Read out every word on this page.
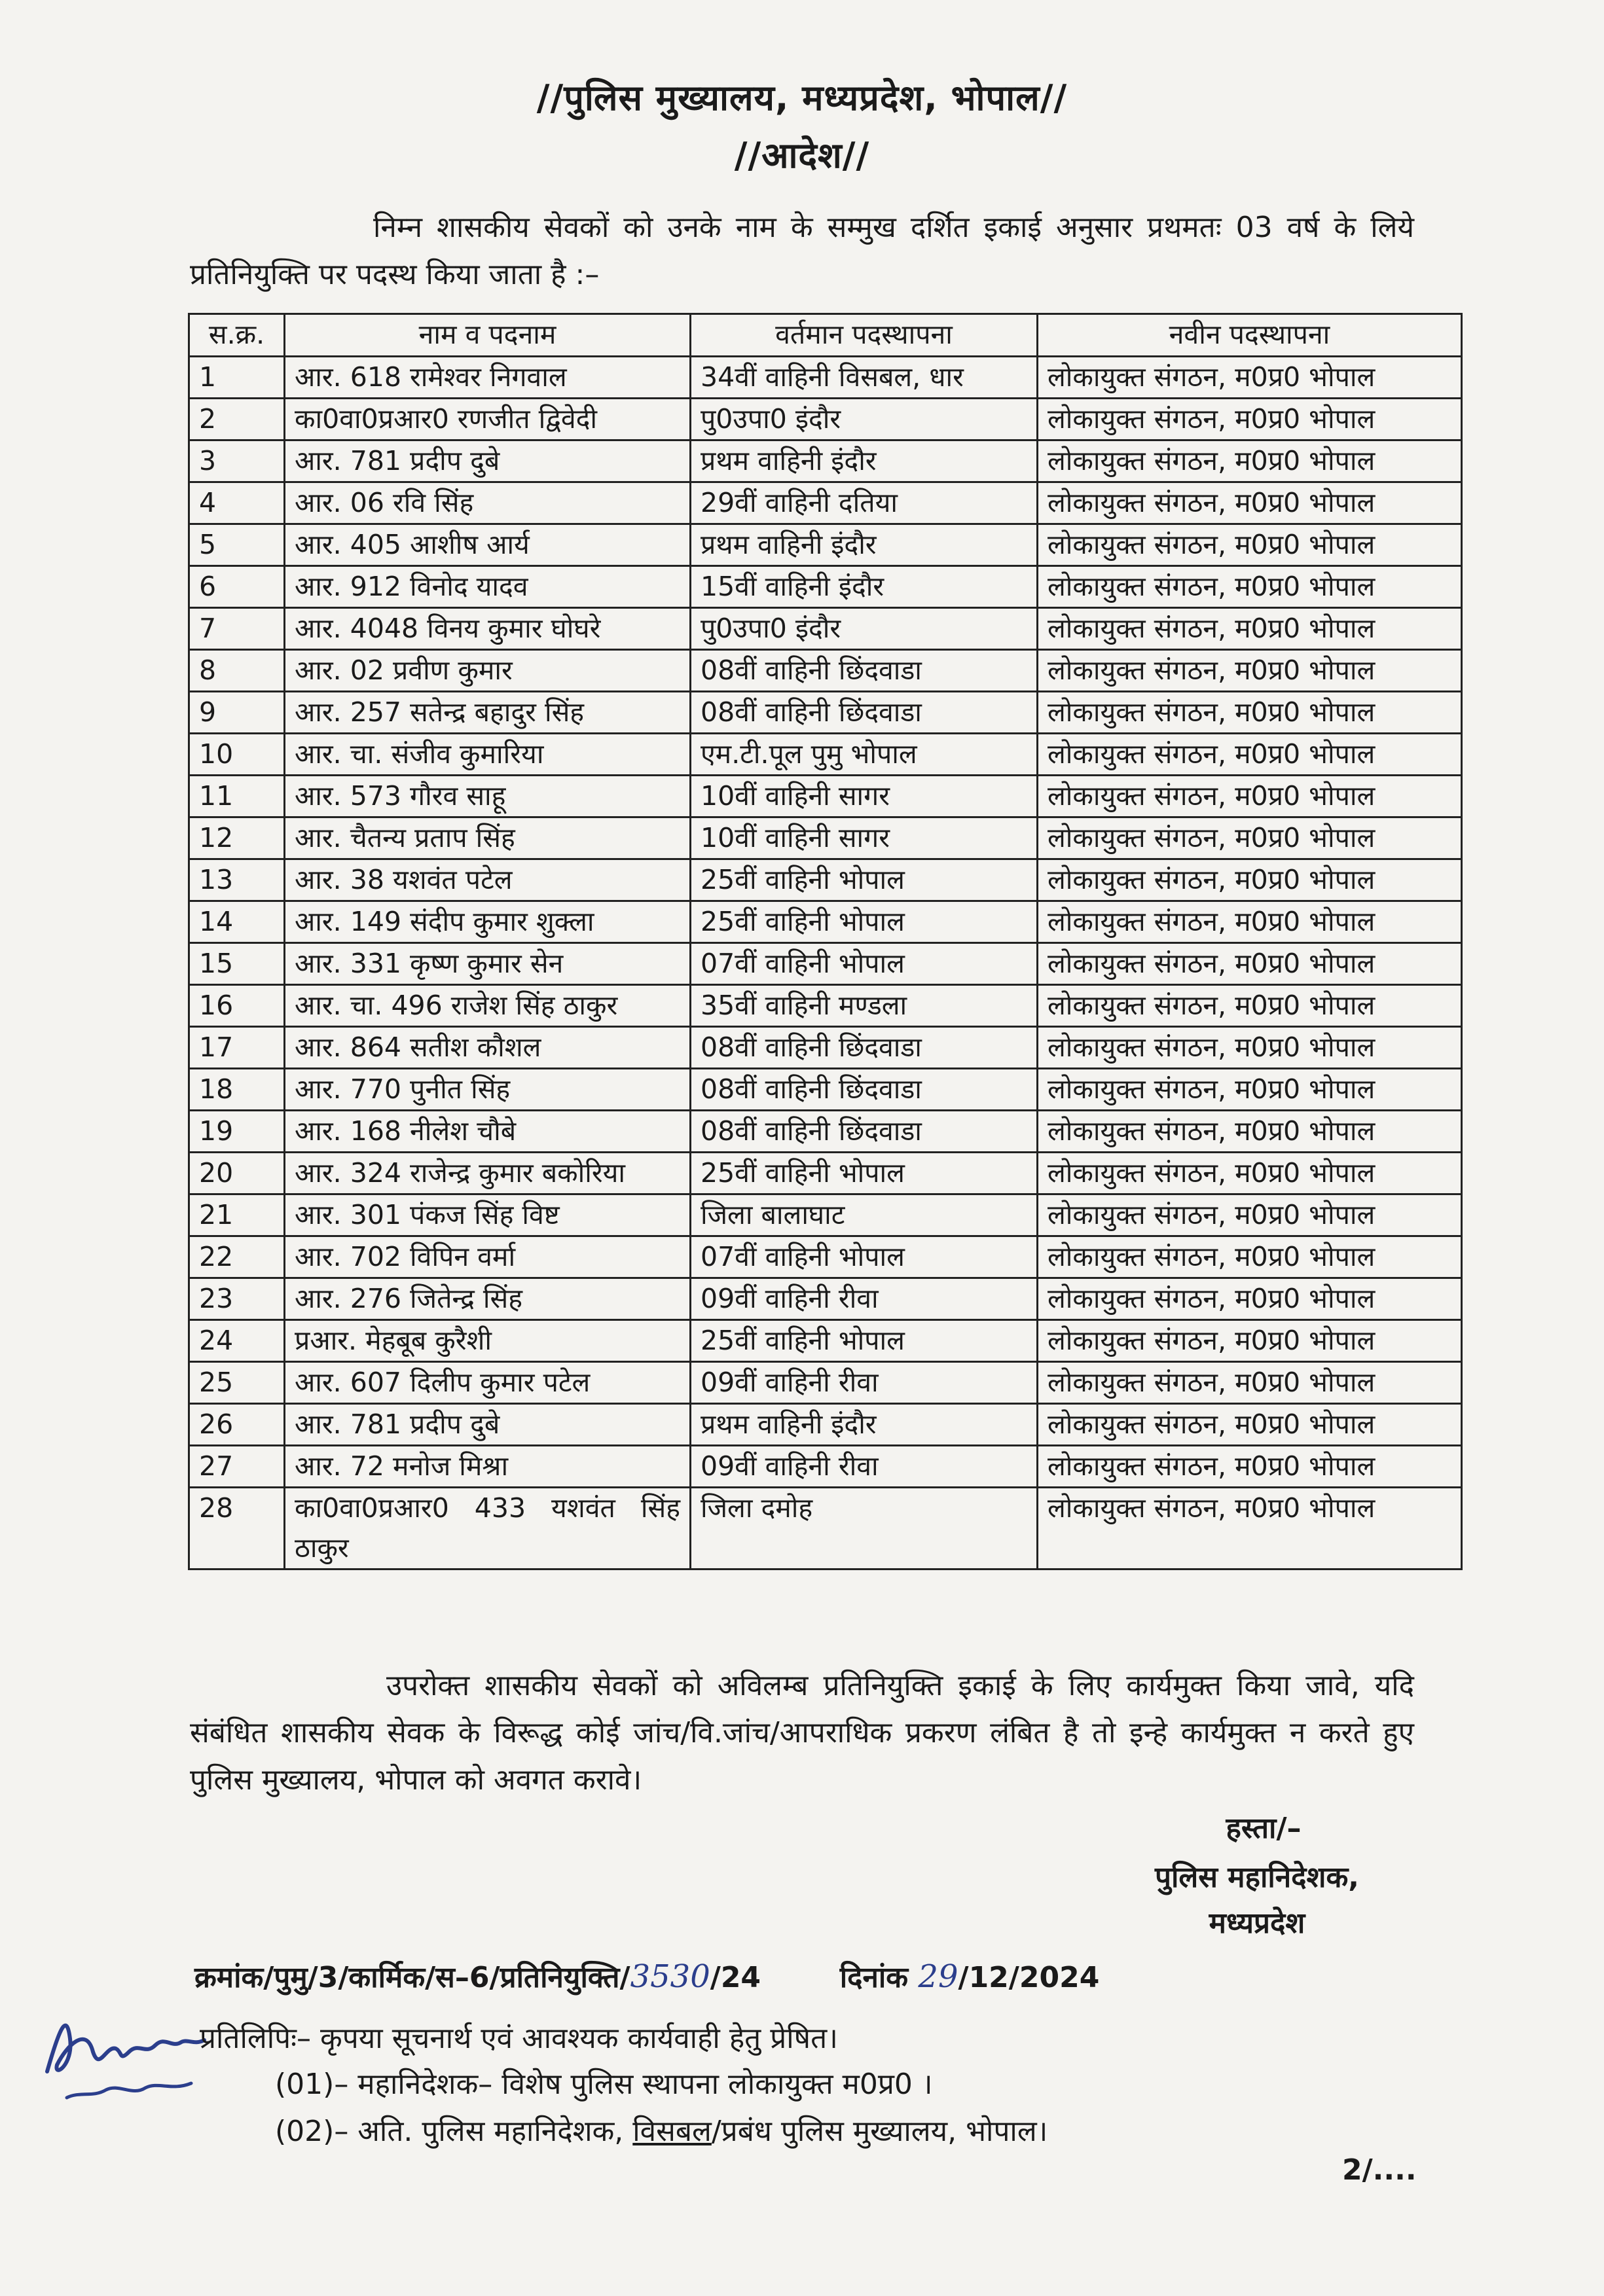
//पुलिस मुख्यालय, मध्यप्रदेश, भोपाल//
//आदेश//
निम्न शासकीय सेवकों को उनके नाम के सम्मुख दर्शित इकाई अनुसार प्रथमतः 03 वर्ष के लिये प्रतिनियुक्ति पर पदस्थ किया जाता है :–
स.क्र.	नाम व पदनाम	वर्तमान पदस्थापना	नवीन पदस्थापना
1	आर. 618 रामेश्वर निगवाल	34वीं वाहिनी विसबल, धार	लोकायुक्त संगठन, म0प्र0 भोपाल
2	का0वा0प्रआर0 रणजीत द्विवेदी	पु0उपा0 इंदौर	लोकायुक्त संगठन, म0प्र0 भोपाल
3	आर. 781 प्रदीप दुबे	प्रथम वाहिनी इंदौर	लोकायुक्त संगठन, म0प्र0 भोपाल
4	आर. 06 रवि सिंह	29वीं वाहिनी दतिया	लोकायुक्त संगठन, म0प्र0 भोपाल
5	आर. 405 आशीष आर्य	प्रथम वाहिनी इंदौर	लोकायुक्त संगठन, म0प्र0 भोपाल
6	आर. 912 विनोद यादव	15वीं वाहिनी इंदौर	लोकायुक्त संगठन, म0प्र0 भोपाल
7	आर. 4048 विनय कुमार घोघरे	पु0उपा0 इंदौर	लोकायुक्त संगठन, म0प्र0 भोपाल
8	आर. 02 प्रवीण कुमार	08वीं वाहिनी छिंदवाडा	लोकायुक्त संगठन, म0प्र0 भोपाल
9	आर. 257 सतेन्द्र बहादुर सिंह	08वीं वाहिनी छिंदवाडा	लोकायुक्त संगठन, म0प्र0 भोपाल
10	आर. चा. संजीव कुमारिया	एम.टी.पूल पुमु भोपाल	लोकायुक्त संगठन, म0प्र0 भोपाल
11	आर. 573 गौरव साहू	10वीं वाहिनी सागर	लोकायुक्त संगठन, म0प्र0 भोपाल
12	आर. चैतन्य प्रताप सिंह	10वीं वाहिनी सागर	लोकायुक्त संगठन, म0प्र0 भोपाल
13	आर. 38 यशवंत पटेल	25वीं वाहिनी भोपाल	लोकायुक्त संगठन, म0प्र0 भोपाल
14	आर. 149 संदीप कुमार शुक्ला	25वीं वाहिनी भोपाल	लोकायुक्त संगठन, म0प्र0 भोपाल
15	आर. 331 कृष्ण कुमार सेन	07वीं वाहिनी भोपाल	लोकायुक्त संगठन, म0प्र0 भोपाल
16	आर. चा. 496 राजेश सिंह ठाकुर	35वीं वाहिनी मण्डला	लोकायुक्त संगठन, म0प्र0 भोपाल
17	आर. 864 सतीश कौशल	08वीं वाहिनी छिंदवाडा	लोकायुक्त संगठन, म0प्र0 भोपाल
18	आर. 770 पुनीत सिंह	08वीं वाहिनी छिंदवाडा	लोकायुक्त संगठन, म0प्र0 भोपाल
19	आर. 168 नीलेश चौबे	08वीं वाहिनी छिंदवाडा	लोकायुक्त संगठन, म0प्र0 भोपाल
20	आर. 324 राजेन्द्र कुमार बकोरिया	25वीं वाहिनी भोपाल	लोकायुक्त संगठन, म0प्र0 भोपाल
21	आर. 301 पंकज सिंह विष्ट	जिला बालाघाट	लोकायुक्त संगठन, म0प्र0 भोपाल
22	आर. 702 विपिन वर्मा	07वीं वाहिनी भोपाल	लोकायुक्त संगठन, म0प्र0 भोपाल
23	आर. 276 जितेन्द्र सिंह	09वीं वाहिनी रीवा	लोकायुक्त संगठन, म0प्र0 भोपाल
24	प्रआर. मेहबूब कुरैशी	25वीं वाहिनी भोपाल	लोकायुक्त संगठन, म0प्र0 भोपाल
25	आर. 607 दिलीप कुमार पटेल	09वीं वाहिनी रीवा	लोकायुक्त संगठन, म0प्र0 भोपाल
26	आर. 781 प्रदीप दुबे	प्रथम वाहिनी इंदौर	लोकायुक्त संगठन, म0प्र0 भोपाल
27	आर. 72 मनोज मिश्रा	09वीं वाहिनी रीवा	लोकायुक्त संगठन, म0प्र0 भोपाल
28	का0वा0प्रआर0 433 यशवंत सिंह ठाकुर	जिला दमोह	लोकायुक्त संगठन, म0प्र0 भोपाल
उपरोक्त शासकीय सेवकों को अविलम्ब प्रतिनियुक्ति इकाई के लिए कार्यमुक्त किया जावे, यदि संबंधित शासकीय सेवक के विरूद्ध कोई जांच/वि.जांच/आपराधिक प्रकरण लंबित है तो इन्हे कार्यमुक्त न करते हुए पुलिस मुख्यालय, भोपाल को अवगत करावे।
हस्ता/–
पुलिस महानिदेशक,
मध्यप्रदेश
क्रमांक/पुमु/3/कार्मिक/स–6/प्रतिनियुक्ति/3530/24	दिनांक 29/12/2024
प्रतिलिपिः– कृपया सूचनार्थ एवं आवश्यक कार्यवाही हेतु प्रेषित।
(01)– महानिदेशक– विशेष पुलिस स्थापना लोकायुक्त म0प्र0 ।
(02)– अति. पुलिस महानिदेशक, विसबल/प्रबंध पुलिस मुख्यालय, भोपाल।
2/....
